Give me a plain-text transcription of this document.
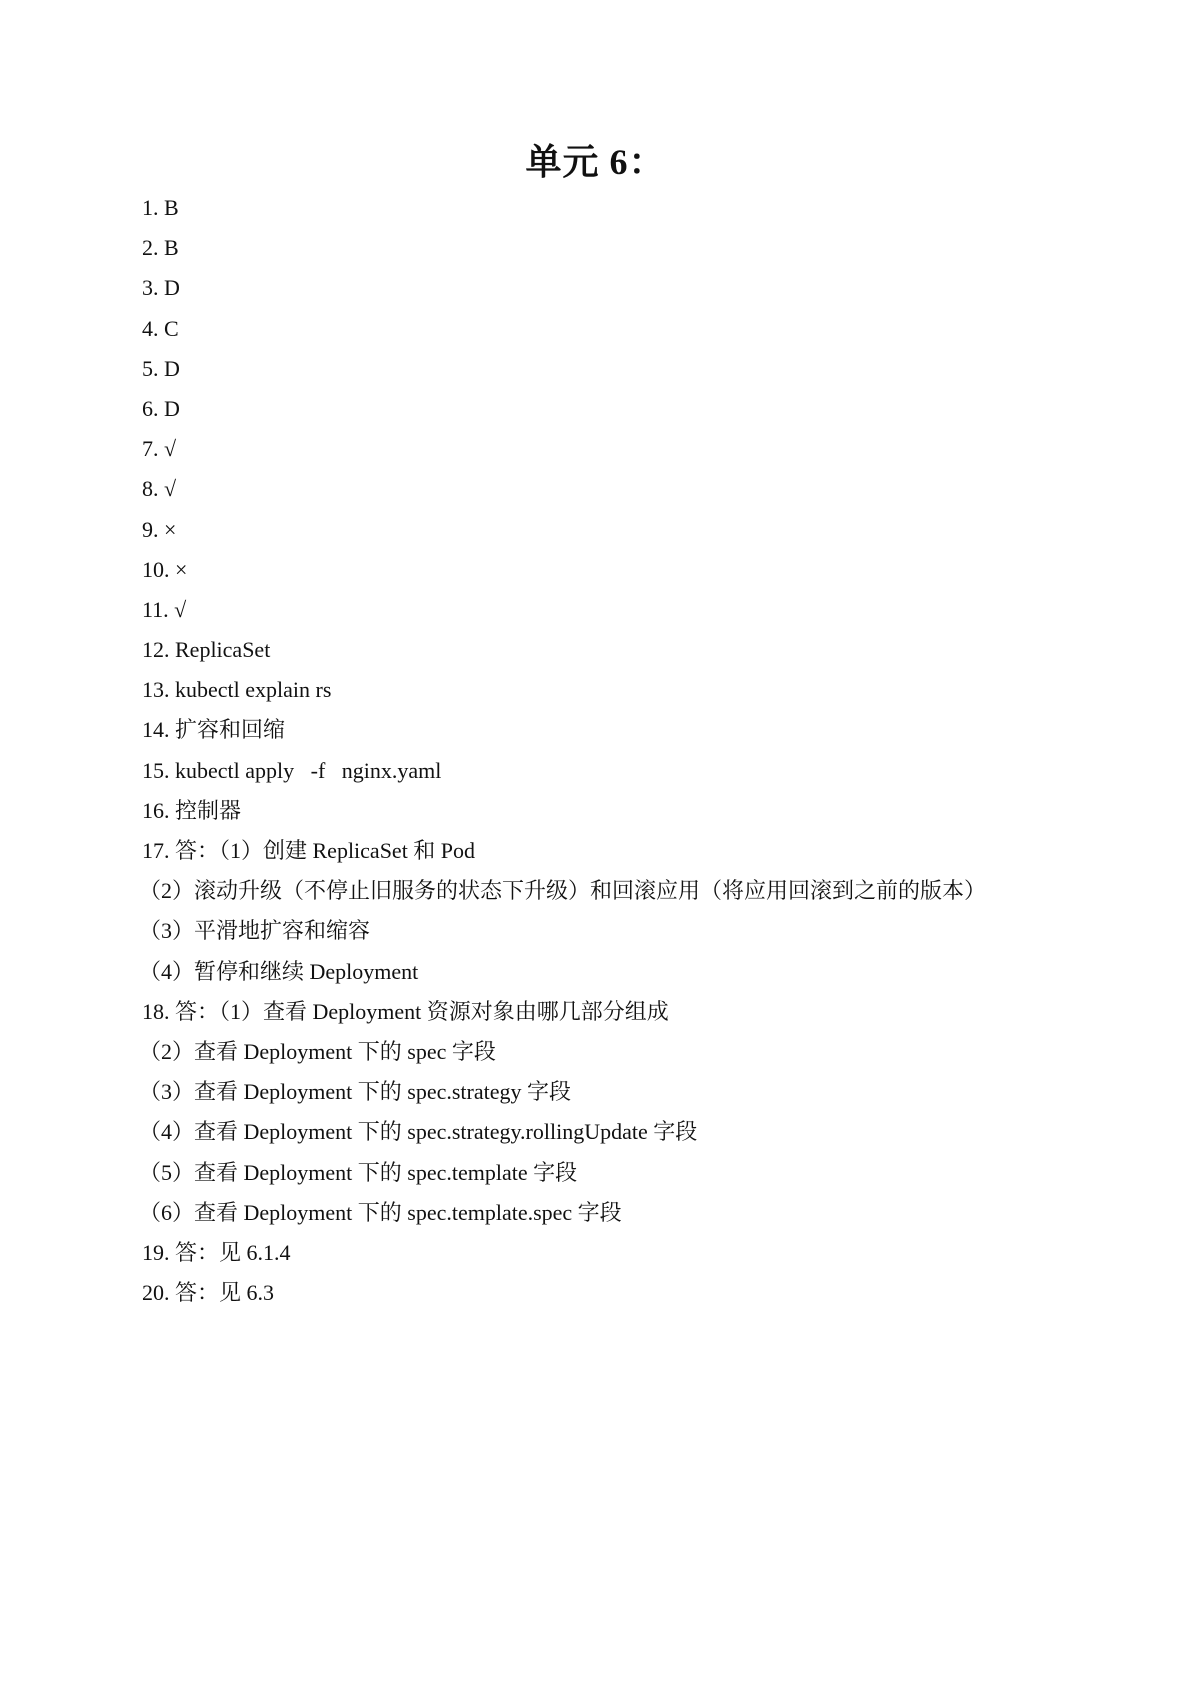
单元 6：
1. B
2. B
3. D
4. C
5. D
6. D
7. √
8. √
9. ×
10. ×
11. √
12. ReplicaSet
13. kubectl explain rs
14. 扩容和回缩
15. kubectl apply   -f   nginx.yaml
16. 控制器
17. 答：（1）创建 ReplicaSet 和 Pod
（2）滚动升级（不停止旧服务的状态下升级）和回滚应用（将应用回滚到之前的版本）
（3）平滑地扩容和缩容
（4）暂停和继续 Deployment
18. 答：（1）查看 Deployment 资源对象由哪几部分组成
（2）查看 Deployment 下的 spec 字段
（3）查看 Deployment 下的 spec.strategy 字段
（4）查看 Deployment 下的 spec.strategy.rollingUpdate 字段
（5）查看 Deployment 下的 spec.template 字段
（6）查看 Deployment 下的 spec.template.spec 字段
19. 答：见 6.1.4
20. 答：见 6.3
